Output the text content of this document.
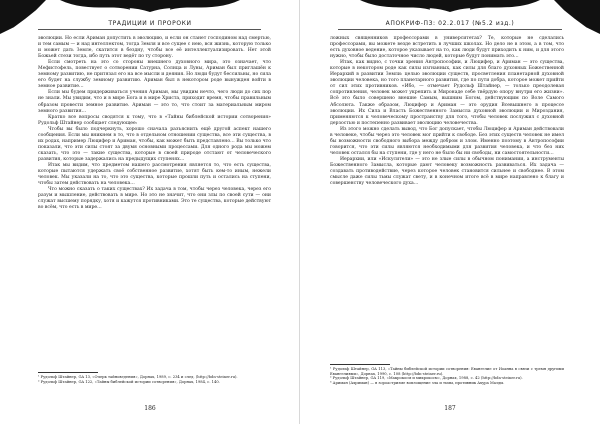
ТРАДИЦИИ И ПРОРОКИ

эволюции. Но если Ариман допустить в эволюцию, и если он станет господином над смертью, и тем самым — и над интеллектом, тогда Земля и все сущее с нею, вся жизнь, которую только и может дать Земле, скатится в бездну, чтобы все её интеллектуализировать. Нет этой Божьей стези тогда, ибо путь этот ведёт по ту сторону.

Если смотреть на это со стороны внешнего духовного мира, это означает, что Мефистофель, повествует о сотворении Сатурна, Солнца и Луны, Ариман был приглашён к земному развитию, не притязал его на все мысли и деяния. Но люди будут бессильны, но сила его будет на службу земному развитию. Ариман был в некотором роде вынужден войти в земное развитие…

Если мы будем придерживаться учения Ариман, мы увидим нечто, чего люди до сих пор не знали. Мы увидим, что и в мире Бога и в мире Христа, приходит время, чтобы правильным образом провести земное развитие. Ариман — это то, что стоит за материальным миром земного развития…

Кратко все вопросы сводятся к тому, что в «Тайны библейской истории сотворения» Рудольф Штайнер сообщает следующее:

Чтобы вы было подчеркнуть, хорошо сначала разъяснить ещё другой аспект нашего сообщения. Если мы вникнем в то, что в отдельном отношении существа, все эти существа, в их родах, например Люцифер и Ариман, чтобы, как может быть представлено… Вы только что показали, что эти силы стоят за двумя основными процессами. Для одного рода мы можем сказать, что это — такие существа, которые в своей природе отстают от человеческого развития, которые задержались на предыдущих ступенях…

Итак мы видим, что предметом нашего рассмотрения является то, что есть существа, которые пытаются удержать своё собственное развитие, хотят быть кем-то иным, нежели человек. Мы указали на то, что это существа, которые прошли путь и остались на ступени, чтобы затем действовать на человека…

Что можно сказать о таких существах? Их задача в том, чтобы через человека, через его разум и мышление, действовать в мире. Но это не значит, что они злы по своей сути — они служат высшему порядку, хотя и кажутся противниками. Это те существа, которые действуют во всём, что есть в мире…

¹ Рудольф Штайнер, GA 13, «Очерк тайноведения», Дорнах, 1989, с. 234 и след. (http://bdn-steiner.ru).
² Рудольф Штайнер, GA 122, «Тайны библейской истории сотворения», Дорнах, 1984, с. 140.
186
АПОКРИФ-ПЗ: 02.2.017 (№5.2 изд.)

ложных священников профессорами в университетах? Те, которые не сделались профессорами, вы можете везде встретить в лучших школах. Но дело не в этом, а в том, что есть духовное ведение, которое указывает на то, как люди будут приходить к ним, и для этого нужно, чтобы было достаточное число людей, которые будут понимать это…

Итак, как видно, с точки зрения Антропософии, и Люцифер, и Ариман — это существа, которые в некотором роде как силы изгнанных, как силы для благо духовных Божественной Иерархий в развитии Земли: целью эволюции существ, просветления планетарной духовной эволюции человека, но того планетарного развития, где по пути добра, которое может прийти от сил этих противников. «Ибо, — отмечает Рудольф Штайнер, — только преодолевая сопротивления, человек может укрепить и Миронаде себе твёрдую опору внутри его жизни». Всё это было совершено внешне Самым, вышним Богом, действующим по Воле Самого Абсолюта. Также образом, Люцифер и Ариман — это орудия Всевышнего в процессе эволюции. Их Сила и Власть Божественного Замысла духовной эволюции и Мироздания, применяются к человеческому пространству для того, чтобы человек послужил с духовной дерзостью и постепенно развивает эволюцию человечества.

Из этого можно сделать вывод, что Бог допускает, чтобы Люцифер и Ариман действовали в человеке, чтобы через это человек мог прийти к свободе. Без этих существ человек не имел бы возможности свободного выбора между добром и злом. Именно поэтому в Антропософии говорится, что эти силы являются необходимыми для развития человека, и что без них человек остался бы на ступени, где у него не было бы ни свободы, ни самостоятельности…

Иерархии, или «Искусители» — это не злые силы в обычном понимании, а инструменты Божественного Замысла, которые дают человеку возможность развиваться. Их задача — создавать противодействие, через которое человек становится сильнее и свободнее. В этом смысле даже силы тьмы служат свету, и в конечном итоге всё в мире направлено к благу и совершенству человеческого духа…

¹ Рудольф Штайнер, GA 113, «Тайны библейской истории сотворения: Евангелие от Иоанна в связи с тремя другими Евангелиями», Дорнах, 1990, с. 108 (http://bdn-steiner.ru).
² Рудольф Штайнер, GA 119, «Макрокосм и микрокосм», Дорнах, 1988, с. 42 (http://bdn-steiner.ru).
³ Ариман (Ахриман) — в зороастризме воплощение зла и тьмы, противник Ахура Мазды.
187
